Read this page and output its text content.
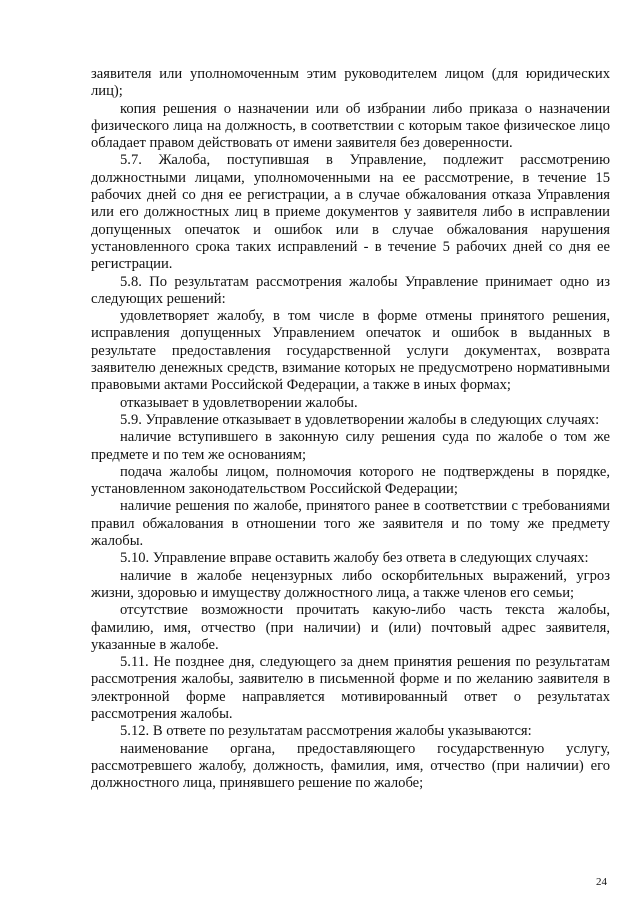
заявителя или уполномоченным этим руководителем лицом (для юридических лиц);

копия решения о назначении или об избрании либо приказа о назначении физического лица на должность, в соответствии с которым такое физическое лицо обладает правом действовать от имени заявителя без доверенности.

5.7. Жалоба, поступившая в Управление, подлежит рассмотрению должностными лицами, уполномоченными на ее рассмотрение, в течение 15 рабочих дней со дня ее регистрации, а в случае обжалования отказа Управления или его должностных лиц в приеме документов у заявителя либо в исправлении допущенных опечаток и ошибок или в случае обжалования нарушения установленного срока таких исправлений - в течение 5 рабочих дней со дня ее регистрации.

5.8. По результатам рассмотрения жалобы Управление принимает одно из следующих решений:

удовлетворяет жалобу, в том числе в форме отмены принятого решения, исправления допущенных Управлением опечаток и ошибок в выданных в результате предоставления государственной услуги документах, возврата заявителю денежных средств, взимание которых не предусмотрено нормативными правовыми актами Российской Федерации, а также в иных формах;

отказывает в удовлетворении жалобы.

5.9. Управление отказывает в удовлетворении жалобы в следующих случаях:

наличие вступившего в законную силу решения суда по жалобе о том же предмете и по тем же основаниям;

подача жалобы лицом, полномочия которого не подтверждены в порядке, установленном законодательством Российской Федерации;

наличие решения по жалобе, принятого ранее в соответствии с требованиями правил обжалования в отношении того же заявителя и по тому же предмету жалобы.

5.10. Управление вправе оставить жалобу без ответа в следующих случаях:

наличие в жалобе нецензурных либо оскорбительных выражений, угроз жизни, здоровью и имуществу должностного лица, а также членов его семьи;

отсутствие возможности прочитать какую-либо часть текста жалобы, фамилию, имя, отчество (при наличии) и (или) почтовый адрес заявителя, указанные в жалобе.

5.11. Не позднее дня, следующего за днем принятия решения по результатам рассмотрения жалобы, заявителю в письменной форме и по желанию заявителя в электронной форме направляется мотивированный ответ о результатах рассмотрения жалобы.

5.12. В ответе по результатам рассмотрения жалобы указываются:

наименование органа, предоставляющего государственную услугу, рассмотревшего жалобу, должность, фамилия, имя, отчество (при наличии) его должностного лица, принявшего решение по жалобе;

24
